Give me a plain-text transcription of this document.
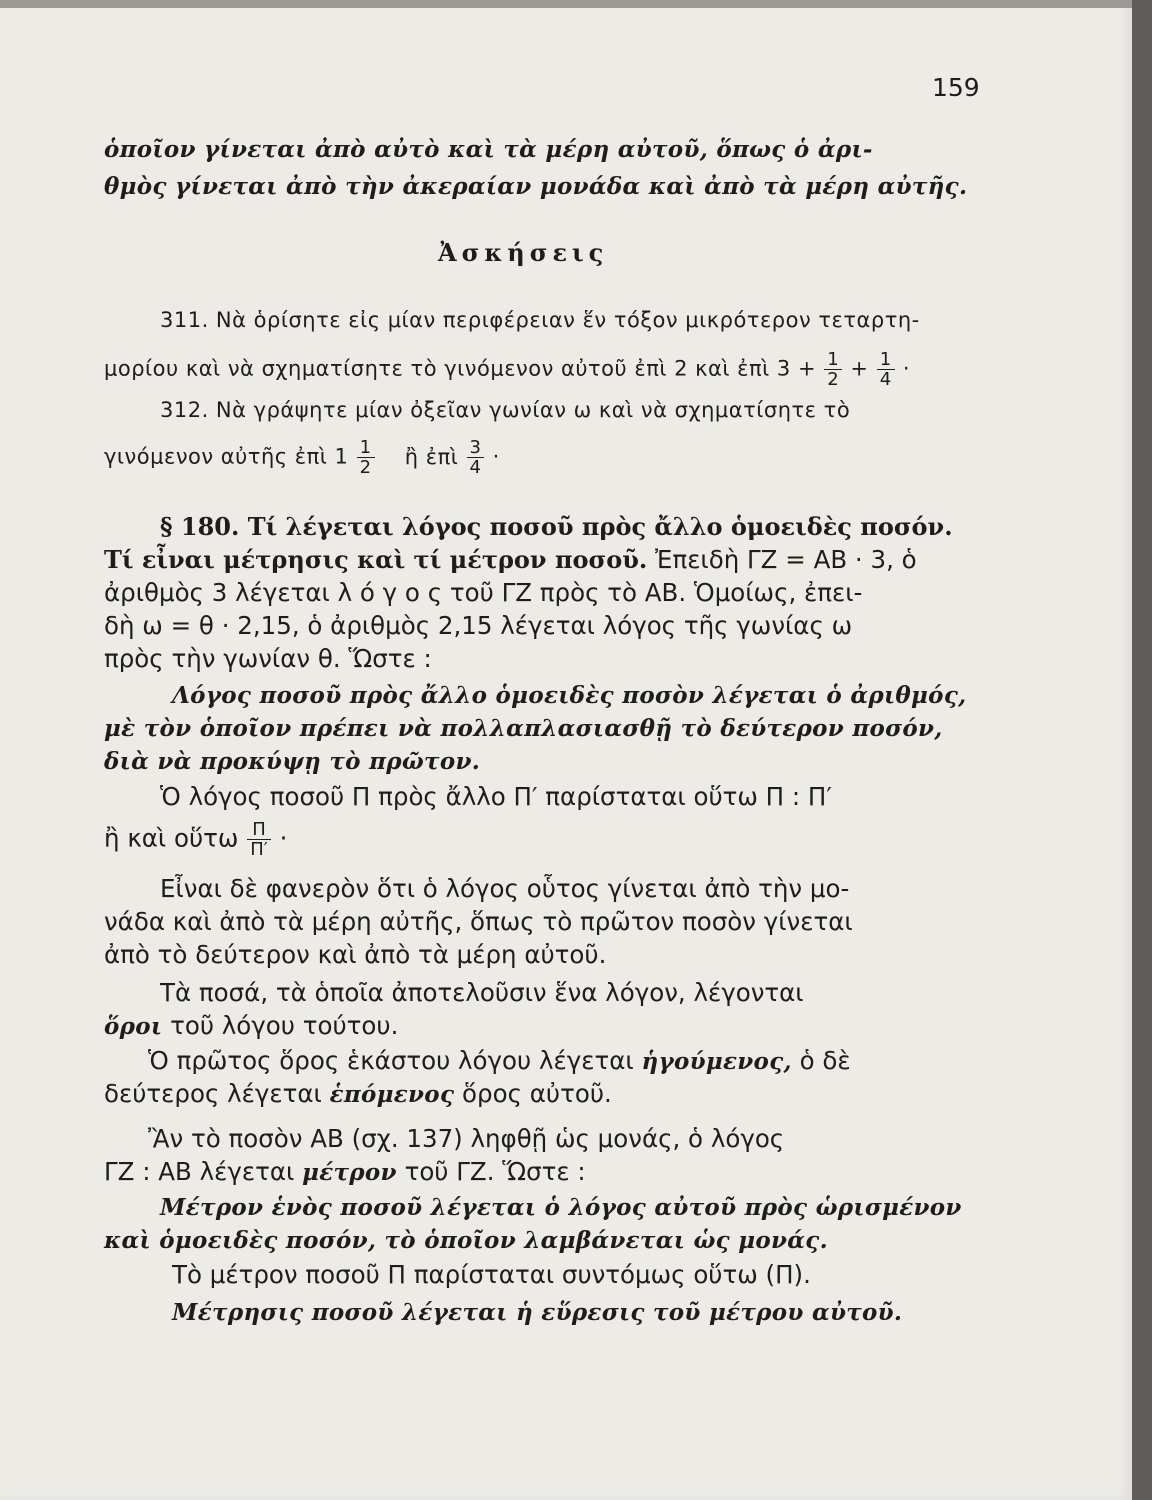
159
ὁποῖον γίνεται ἀπὸ αὐτὸ καὶ τὰ μέρη αὐτοῦ, ὅπως ὁ ἀρι-
θμὸς γίνεται ἀπὸ τὴν ἀκεραίαν μονάδα καὶ ἀπὸ τὰ μέρη αὐτῆς.
Ἀσκήσεις
311. Νὰ ὁρίσητε εἰς μίαν περιφέρειαν ἕν τόξον μικρότερον τεταρτη-
μορίου καὶ νὰ σχηματίσητε τὸ γινόμενον αὐτοῦ ἐπὶ 2 καὶ ἐπὶ $3 + \frac{1}{2} + \frac{1}{4}$ ·
312. Νὰ γράψητε μίαν ὀξεῖαν γωνίαν ω καὶ νὰ σχηματίσητε τὸ
γινόμενον αὐτῆς ἐπὶ $1 \frac{1}{2}$ ἢ ἐπὶ $\frac{3}{4}$ ·
§ 180. Τί λέγεται λόγος ποσοῦ πρὸς ἄλλο ὁμοειδὲς ποσόν.
Τί εἶναι μέτρησις καὶ τί μέτρον ποσοῦ. Ἐπειδὴ ΓΖ = ΑΒ · 3, ὁ
ἀριθμὸς 3 λέγεται λ ό γ ο ς τοῦ ΓΖ πρὸς τὸ ΑΒ. Ὁμοίως, ἐπει-
δὴ ω = θ · 2,15, ὁ ἀριθμὸς 2,15 λέγεται λόγος τῆς γωνίας ω
πρὸς τὴν γωνίαν θ. Ὥστε :
Λόγος ποσοῦ πρὸς ἄλλο ὁμοειδὲς ποσὸν λέγεται ὁ ἀριθμός,
μὲ τὸν ὁποῖον πρέπει νὰ πολλαπλασιασθῇ τὸ δεύτερον ποσόν,
διὰ νὰ προκύψῃ τὸ πρῶτον.
Ὁ λόγος ποσοῦ Π πρὸς ἄλλο Π′ παρίσταται οὕτω Π : Π′
ἢ καὶ οὕτω $\frac{\Pi}{\Pi'}$ ·
Εἶναι δὲ φανερὸν ὅτι ὁ λόγος οὗτος γίνεται ἀπὸ τὴν μο-
νάδα καὶ ἀπὸ τὰ μέρη αὐτῆς, ὅπως τὸ πρῶτον ποσὸν γίνεται
ἀπὸ τὸ δεύτερον καὶ ἀπὸ τὰ μέρη αὐτοῦ.
Τὰ ποσά, τὰ ὁποῖα ἀποτελοῦσιν ἕνα λόγον, λέγονται
ὅροι τοῦ λόγου τούτου.
Ὁ πρῶτος ὅρος ἑκάστου λόγου λέγεται ἡγούμενος, ὁ δὲ
δεύτερος λέγεται ἑπόμενος ὅρος αὐτοῦ.
Ἂν τὸ ποσὸν ΑΒ (σχ. 137) ληφθῇ ὡς μονάς, ὁ λόγος
ΓΖ : ΑΒ λέγεται μέτρον τοῦ ΓΖ. Ὥστε :
Μέτρον ἑνὸς ποσοῦ λέγεται ὁ λόγος αὐτοῦ πρὸς ὡρισμένον
καὶ ὁμοειδὲς ποσόν, τὸ ὁποῖον λαμβάνεται ὡς μονάς.
Τὸ μέτρον ποσοῦ Π παρίσταται συντόμως οὕτω (Π).
Μέτρησις ποσοῦ λέγεται ἡ εὕρεσις τοῦ μέτρου αὐτοῦ.
